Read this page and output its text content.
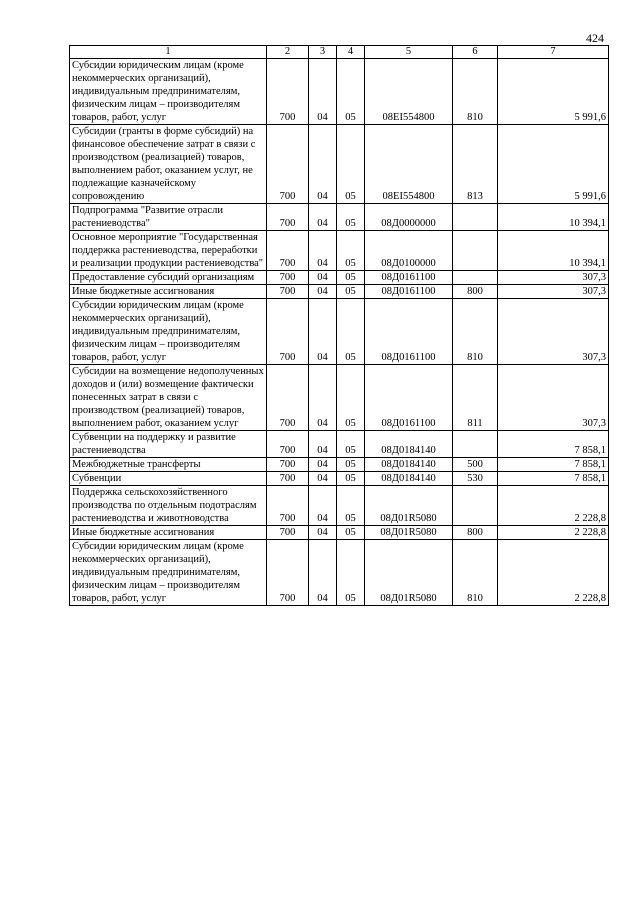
424
1	2	3	4	5	6	7
Субсидии юридическим лицам (кроме некоммерческих организаций), индивидуальным предпринимателям, физическим лицам – производителям товаров, работ, услуг	700	04	05	08EI554800	810	5 991,6
Субсидии (гранты в форме субсидий) на финансовое обеспечение затрат в связи с производством (реализацией) товаров, выполнением работ, оказанием услуг, не подлежащие казначейскому сопровождению	700	04	05	08EI554800	813	5 991,6
Подпрограмма "Развитие отрасли растениеводства"	700	04	05	08Д0000000		10 394,1
Основное мероприятие "Государственная поддержка растениеводства, переработки и реализации продукции растениеводства"	700	04	05	08Д0100000		10 394,1
Предоставление субсидий организациям	700	04	05	08Д0161100		307,3
Иные бюджетные ассигнования	700	04	05	08Д0161100	800	307,3
Субсидии юридическим лицам (кроме некоммерческих организаций), индивидуальным предпринимателям, физическим лицам – производителям товаров, работ, услуг	700	04	05	08Д0161100	810	307,3
Субсидии на возмещение недополученных доходов и (или) возмещение фактически понесенных затрат в связи с производством (реализацией) товаров, выполнением работ, оказанием услуг	700	04	05	08Д0161100	811	307,3
Субвенции на поддержку и развитие растениеводства	700	04	05	08Д0184140		7 858,1
Межбюджетные трансферты	700	04	05	08Д0184140	500	7 858,1
Субвенции	700	04	05	08Д0184140	530	7 858,1
Поддержка сельскохозяйственного производства по отдельным подотраслям растениеводства и животноводства	700	04	05	08Д01R5080		2 228,8
Иные бюджетные ассигнования	700	04	05	08Д01R5080	800	2 228,8
Субсидии юридическим лицам (кроме некоммерческих организаций), индивидуальным предпринимателям, физическим лицам – производителям товаров, работ, услуг	700	04	05	08Д01R5080	810	2 228,8
